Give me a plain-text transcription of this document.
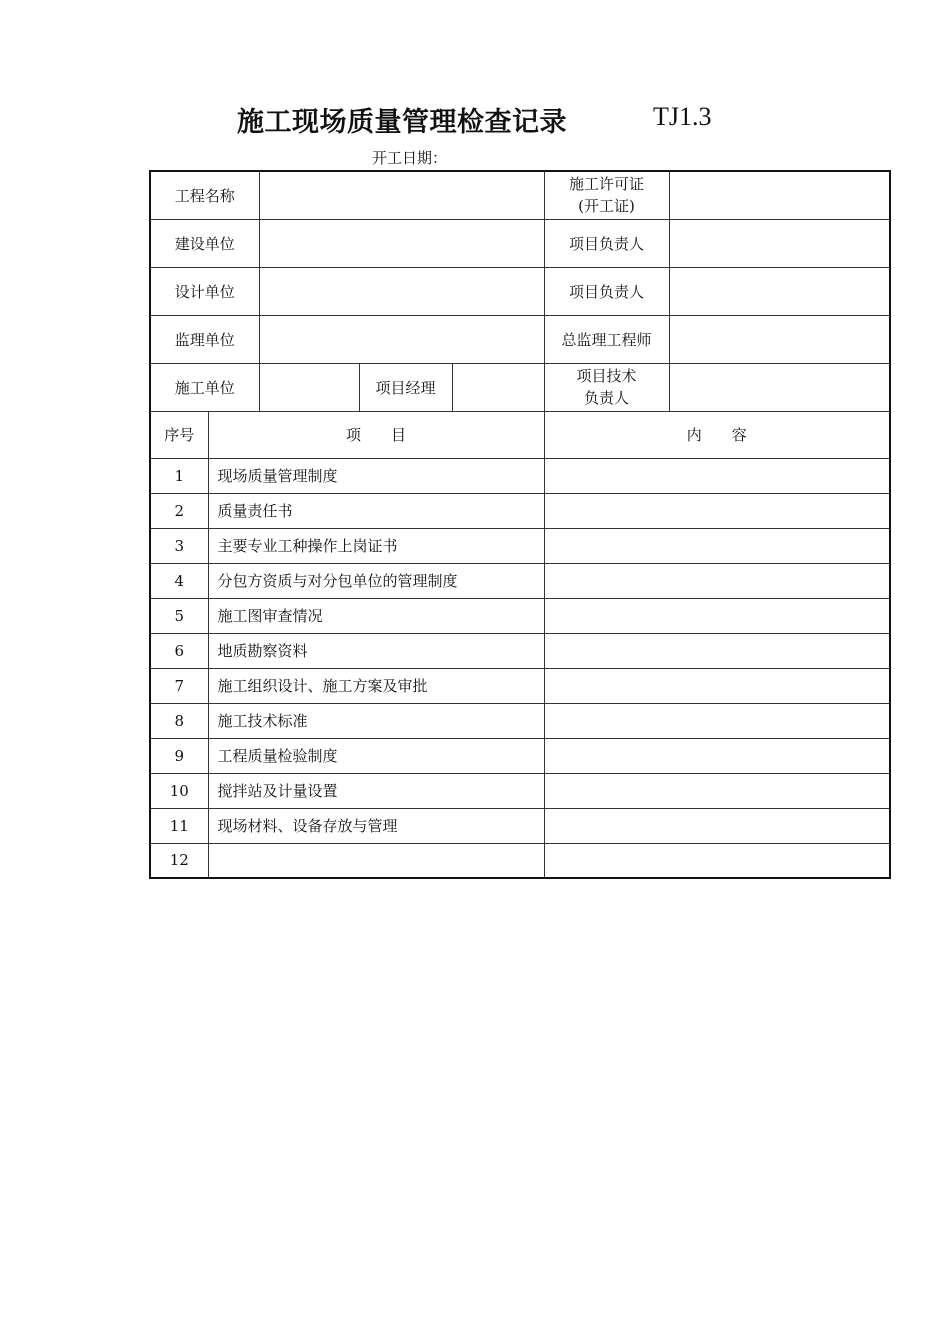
施工现场质量管理检查记录	TJ1.3
开工日期：
工程名称					施工许可证
(开工证)	

建设单位					项目负责人	
设计单位					项目负责人	
监理单位					总监理工程师	
施工单位			项目经理		项目技术
负责人	

序号	项　　目				内　　容	
1	现场质量管理制度					
2	质量责任书					
3	主要专业工种操作上岗证书					
4	分包方资质与对分包单位的管理制度					
5	施工图审查情况					
6	地质勘察资料					
7	施工组织设计、施工方案及审批					
8	施工技术标准					
9	工程质量检验制度					
10	搅拌站及计量设置					
11	现场材料、设备存放与管理					
12						
